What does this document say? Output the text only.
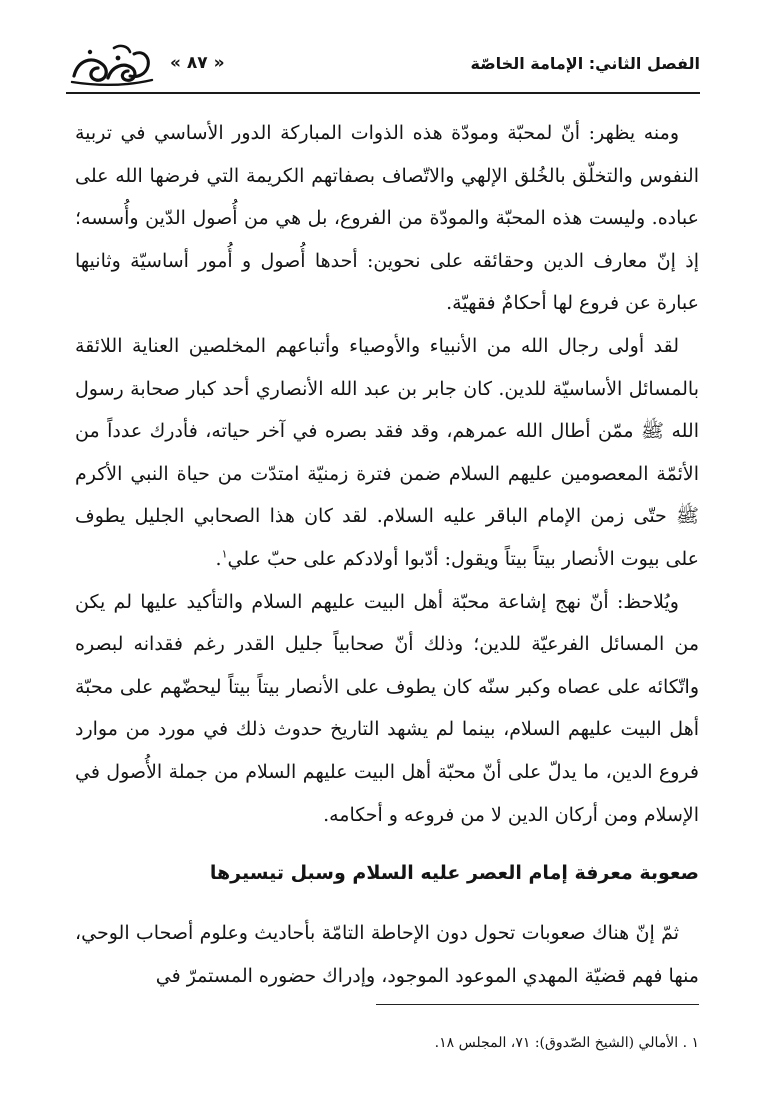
الفصل الثاني: الإمامة الخاصّة
« ٨٧ »

ومنه يظهر: أنّ لمحبّة ومودّة هذه الذوات المباركة الدور الأساسي في تربية النفوس والتخلّق بالخُلق الإلهي والاتّصاف بصفاتهم الكريمة التي فرضها الله على عباده. وليست هذه المحبّة والمودّة من الفروع، بل هي من أُصول الدّين وأُسسه؛ إذ إنّ معارف الدين وحقائقه على نحوين: أحدها أُصول و أُمور أساسيّة وثانيها عبارة عن فروع لها أحكامٌ فقهيّة.

لقد أولى رجال الله من الأنبياء والأوصياء وأتباعهم المخلصين العناية اللائقة بالمسائل الأساسيّة للدين. كان جابر بن عبد الله الأنصاري أحد كبار صحابة رسول الله ﷺ ممّن أطال الله عمرهم، وقد فقد بصره في آخر حياته، فأدرك عدداً من الأئمّة المعصومين عليهم السلام ضمن فترة زمنيّة امتدّت من حياة النبي الأكرم ﷺ حتّى زمن الإمام الباقر عليه السلام. لقد كان هذا الصحابي الجليل يطوف على بيوت الأنصار بيتاً بيتاً ويقول: أدّبوا أولادكم على حبّ علي$^١$.

ويُلاحظ: أنّ نهج إشاعة محبّة أهل البيت عليهم السلام والتأكيد عليها لم يكن من المسائل الفرعيّة للدين؛ وذلك أنّ صحابياً جليل القدر رغم فقدانه لبصره واتّكائه على عصاه وكبر سنّه كان يطوف على الأنصار بيتاً بيتاً ليحضّهم على محبّة أهل البيت عليهم السلام، بينما لم يشهد التاريخ حدوث ذلك في مورد من موارد فروع الدين، ما يدلّ على أنّ محبّة أهل البيت عليهم السلام من جملة الأُصول في الإسلام ومن أركان الدين لا من فروعه و أحكامه.

صعوبة معرفة إمام العصر عليه السلام وسبل تيسيرها

ثمّ إنّ هناك صعوبات تحول دون الإحاطة التامّة بأحاديث وعلوم أصحاب الوحي، منها فهم قضيّة المهدي الموعود الموجود، وإدراك حضوره المستمرّ في

١ . الأمالي (الشيخ الصّدوق): ٧١، المجلس ١٨.
